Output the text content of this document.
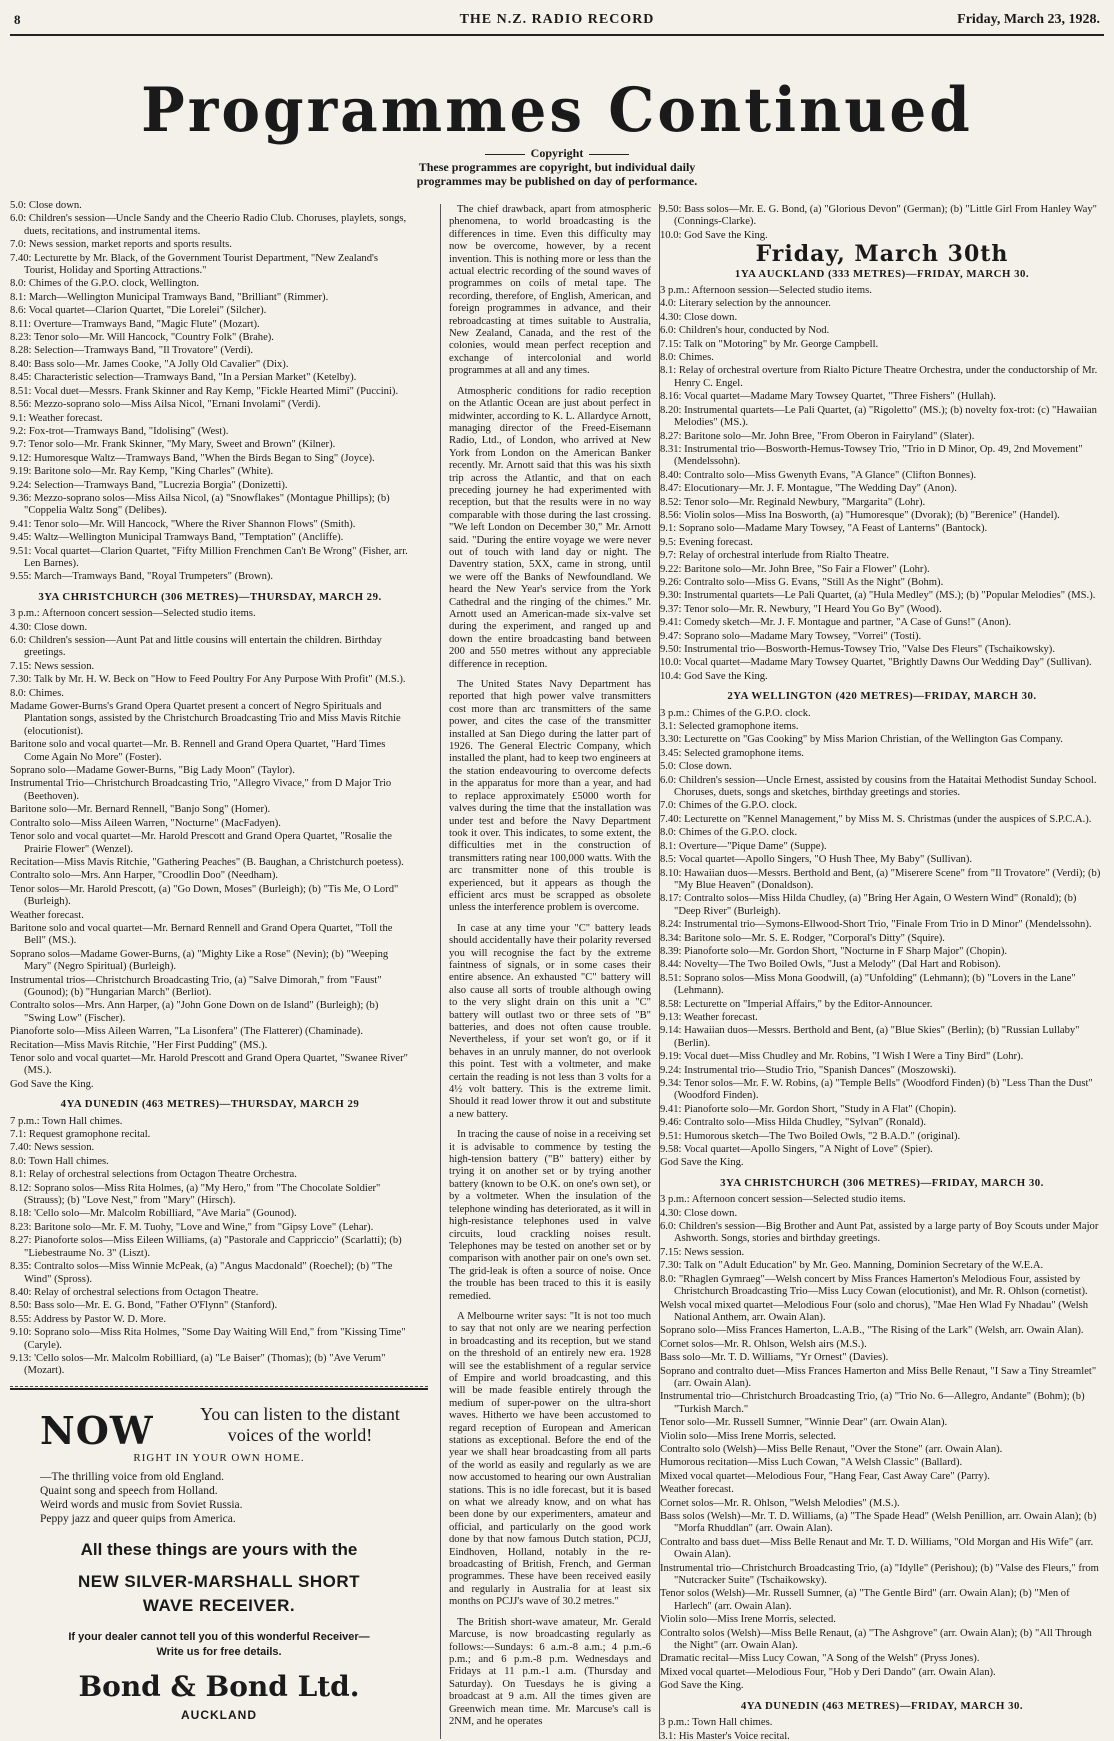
8	THE N.Z. RADIO RECORD	Friday, March 23, 1928.
Programmes Continued
Copyright
These programmes are copyright, but individual daily
programmes may be published on day of performance.
5.0: Close down.
6.0: Children's session—Uncle Sandy and the Cheerio Radio Club. Choruses, playlets, songs, duets, recitations, and instrumental items.
7.0: News session, market reports and sports results.
7.40: Lecturette by Mr. Black, of the Government Tourist Department, "New Zealand's Tourist, Holiday and Sporting Attractions."
8.0: Chimes of the G.P.O. clock, Wellington.
8.1: March—Wellington Municipal Tramways Band, "Brilliant" (Rimmer).
8.6: Vocal quartet—Clarion Quartet, "Die Lorelei" (Silcher).
8.11: Overture—Tramways Band, "Magic Flute" (Mozart).
8.23: Tenor solo—Mr. Will Hancock, "Country Folk" (Brahe).
8.28: Selection—Tramways Band, "Il Trovatore" (Verdi).
8.40: Bass solo—Mr. James Cooke, "A Jolly Old Cavalier" (Dix).
8.45: Characteristic selection—Tramways Band, "In a Persian Market" (Ketelby).
8.51: Vocal duet—Messrs. Frank Skinner and Ray Kemp, "Fickle Hearted Mimi" (Puccini).
8.56: Mezzo-soprano solo—Miss Ailsa Nicol, "Ernani Involami" (Verdi).
9.1: Weather forecast.
9.2: Fox-trot—Tramways Band, "Idolising" (West).
9.7: Tenor solo—Mr. Frank Skinner, "My Mary, Sweet and Brown" (Kilner).
9.12: Humoresque Waltz—Tramways Band, "When the Birds Began to Sing" (Joyce).
9.19: Baritone solo—Mr. Ray Kemp, "King Charles" (White).
9.24: Selection—Tramways Band, "Lucrezia Borgia" (Donizetti).
9.36: Mezzo-soprano solos—Miss Ailsa Nicol, (a) "Snowflakes" (Montague Phillips); (b) "Coppelia Waltz Song" (Delibes).
9.41: Tenor solo—Mr. Will Hancock, "Where the River Shannon Flows" (Smith).
9.45: Waltz—Wellington Municipal Tramways Band, "Temptation" (Ancliffe).
9.51: Vocal quartet—Clarion Quartet, "Fifty Million Frenchmen Can't Be Wrong" (Fisher, arr. Len Barnes).
9.55: March—Tramways Band, "Royal Trumpeters" (Brown).
3YA CHRISTCHURCH (306 METRES)—THURSDAY, MARCH 29.
3 p.m.: Afternoon concert session—Selected studio items.
4.30: Close down.
6.0: Children's session—Aunt Pat and little cousins will entertain the children. Birthday greetings.
7.15: News session.
7.30: Talk by Mr. H. W. Beck on "How to Feed Poultry For Any Purpose With Profit" (M.S.).
8.0: Chimes.
Madame Gower-Burns's Grand Opera Quartet present a concert of Negro Spirituals and Plantation songs, assisted by the Christchurch Broadcasting Trio and Miss Mavis Ritchie (elocutionist).
Baritone solo and vocal quartet—Mr. B. Rennell and Grand Opera Quartet, "Hard Times Come Again No More" (Foster).
Soprano solo—Madame Gower-Burns, "Big Lady Moon" (Taylor).
Instrumental Trio—Christchurch Broadcasting Trio, "Allegro Vivace," from D Major Trio (Beethoven).
Baritone solo—Mr. Bernard Rennell, "Banjo Song" (Homer).
Contralto solo—Miss Aileen Warren, "Nocturne" (MacFadyen).
Tenor solo and vocal quartet—Mr. Harold Prescott and Grand Opera Quartet, "Rosalie the Prairie Flower" (Wenzel).
Recitation—Miss Mavis Ritchie, "Gathering Peaches" (B. Baughan, a Christchurch poetess).
Contralto solo—Mrs. Ann Harper, "Croodlin Doo" (Needham).
Tenor solos—Mr. Harold Prescott, (a) "Go Down, Moses" (Burleigh); (b) "Tis Me, O Lord" (Burleigh).
Weather forecast.
Baritone solo and vocal quartet—Mr. Bernard Rennell and Grand Opera Quartet, "Toll the Bell" (MS.).
Soprano solos—Madame Gower-Burns, (a) "Mighty Like a Rose" (Nevin); (b) "Weeping Mary" (Negro Spiritual) (Burleigh).
Instrumental trios—Christchurch Broadcasting Trio, (a) "Salve Dimorah," from "Faust" (Gounod); (b) "Hungarian March" (Berliot).
Contralto solos—Mrs. Ann Harper, (a) "John Gone Down on de Island" (Burleigh); (b) "Swing Low" (Fischer).
Pianoforte solo—Miss Aileen Warren, "La Lisonfera" (The Flatterer) (Chaminade).
Recitation—Miss Mavis Ritchie, "Her First Pudding" (MS.).
Tenor solo and vocal quartet—Mr. Harold Prescott and Grand Opera Quartet, "Swanee River" (MS.).
God Save the King.
4YA DUNEDIN (463 METRES)—THURSDAY, MARCH 29
7 p.m.: Town Hall chimes.
7.1: Request gramophone recital.
7.40: News session.
8.0: Town Hall chimes.
8.1: Relay of orchestral selections from Octagon Theatre Orchestra.
8.12: Soprano solos—Miss Rita Holmes, (a) "My Hero," from "The Chocolate Soldier" (Strauss); (b) "Love Nest," from "Mary" (Hirsch).
8.18: 'Cello solo—Mr. Malcolm Robilliard, "Ave Maria" (Gounod).
8.23: Baritone solo—Mr. F. M. Tuohy, "Love and Wine," from "Gipsy Love" (Lehar).
8.27: Pianoforte solos—Miss Eileen Williams, (a) "Pastorale and Cappriccio" (Scarlatti); (b) "Liebestraume No. 3" (Liszt).
8.35: Contralto solos—Miss Winnie McPeak, (a) "Angus Macdonald" (Roechel); (b) "The Wind" (Spross).
8.40: Relay of orchestral selections from Octagon Theatre.
8.50: Bass solo—Mr. E. G. Bond, "Father O'Flynn" (Stanford).
8.55: Address by Pastor W. D. More.
9.10: Soprano solo—Miss Rita Holmes, "Some Day Waiting Will End," from "Kissing Time" (Caryle).
9.13: 'Cello solos—Mr. Malcolm Robilliard, (a) "Le Baiser" (Thomas); (b) "Ave Verum" (Mozart).
The chief drawback, apart from atmospheric phenomena, to world broadcasting is the differences in time. Even this difficulty may now be overcome, however, by a recent invention. This is nothing more or less than the actual electric recording of the sound waves of programmes on coils of metal tape. The recording, therefore, of English, American, and foreign programmes in advance, and their rebroadcasting at times suitable to Australia, New Zealand, Canada, and the rest of the colonies, would mean perfect reception and exchange of intercolonial and world programmes at all and any times.
Atmospheric conditions for radio reception on the Atlantic Ocean are just about perfect in midwinter, according to K. L. Allardyce Arnott, managing director of the Freed-Eisemann Radio, Ltd., of London, who arrived at New York from London on the American Banker recently. Mr. Arnott said that this was his sixth trip across the Atlantic, and that on each preceding journey he had experimented with reception, but that the results were in no way comparable with those during the last crossing. "We left London on December 30," Mr. Arnott said. "During the entire voyage we were never out of touch with land day or night. The Daventry station, 5XX, came in strong, until we were off the Banks of Newfoundland. We heard the New Year's service from the York Cathedral and the ringing of the chimes." Mr. Arnott used an American-made six-valve set during the experiment, and ranged up and down the entire broadcasting band between 200 and 550 metres without any appreciable difference in reception.
The United States Navy Department has reported that high power valve transmitters cost more than arc transmitters of the same power, and cites the case of the transmitter installed at San Diego during the latter part of 1926. The General Electric Company, which installed the plant, had to keep two engineers at the station endeavouring to overcome defects in the apparatus for more than a year, and had to replace approximately £5000 worth for valves during the time that the installation was under test and before the Navy Department took it over. This indicates, to some extent, the difficulties met in the construction of transmitters rating near 100,000 watts. With the arc transmitter none of this trouble is experienced, but it appears as though the efficient arcs must be scrapped as obsolete unless the interference problem is overcome.
In case at any time your "C" battery leads should accidentally have their polarity reversed you will recognise the fact by the extreme faintness of signals, or in some cases their entire absence. An exhausted "C" battery will also cause all sorts of trouble although owing to the very slight drain on this unit a "C" battery will outlast two or three sets of "B" batteries, and does not often cause trouble. Nevertheless, if your set won't go, or if it behaves in an unruly manner, do not overlook this point. Test with a voltmeter, and make certain the reading is not less than 3 volts for a 4½ volt battery. This is the extreme limit. Should it read lower throw it out and substitute a new battery.
In tracing the cause of noise in a receiving set it is advisable to commence by testing the high-tension battery ("B" battery) either by trying it on another set or by trying another battery (known to be O.K. on one's own set), or by a voltmeter. When the insulation of the telephone winding has deteriorated, as it will in high-resistance telephones used in valve circuits, loud crackling noises result. Telephones may be tested on another set or by comparison with another pair on one's own set. The grid-leak is often a source of noise. Once the trouble has been traced to this it is easily remedied.
A Melbourne writer says: "It is not too much to say that not only are we nearing perfection in broadcasting and its reception, but we stand on the threshold of an entirely new era. 1928 will see the establishment of a regular service of Empire and world broadcasting, and this will be made feasible entirely through the medium of super-power on the ultra-short waves. Hitherto we have been accustomed to regard reception of European and American stations as exceptional. Before the end of the year we shall hear broadcasting from all parts of the world as easily and regularly as we are now accustomed to hearing our own Australian stations. This is no idle forecast, but it is based on what we already know, and on what has been done by our experimenters, amateur and official, and particularly on the good work done by that now famous Dutch station, PCJJ, Eindhoven, Holland, notably in the re-broadcasting of British, French, and German programmes. These have been received easily and regularly in Australia for at least six months on PCJJ's wave of 30.2 metres."
The British short-wave amateur, Mr. Gerald Marcuse, is now broadcasting regularly as follows:—Sundays: 6 a.m.-8 a.m.; 4 p.m.-6 p.m.; and 6 p.m.-8 p.m. Wednesdays and Fridays at 11 p.m.-1 a.m. (Thursday and Saturday). On Tuesdays he is giving a broadcast at 9 a.m. All the times given are Greenwich mean time. Mr. Marcuse's call is 2NM, and he operates
9.50: Bass solos—Mr. E. G. Bond, (a) "Glorious Devon" (German); (b) "Little Girl From Hanley Way" (Connings-Clarke).
10.0: God Save the King.
Friday, March 30th
1YA AUCKLAND (333 METRES)—FRIDAY, MARCH 30.
3 p.m.: Afternoon session—Selected studio items.
4.0: Literary selection by the announcer.
4.30: Close down.
6.0: Children's hour, conducted by Nod.
7.15: Talk on "Motoring" by Mr. George Campbell.
8.0: Chimes.
8.1: Relay of orchestral overture from Rialto Picture Theatre Orchestra, under the conductorship of Mr. Henry C. Engel.
8.16: Vocal quartet—Madame Mary Towsey Quartet, "Three Fishers" (Hullah).
8.20: Instrumental quartets—Le Pali Quartet, (a) "Rigoletto" (MS.); (b) novelty fox-trot: (c) "Hawaiian Melodies" (MS.).
8.27: Baritone solo—Mr. John Bree, "From Oberon in Fairyland" (Slater).
8.31: Instrumental trio—Bosworth-Hemus-Towsey Trio, "Trio in D Minor, Op. 49, 2nd Movement" (Mendelssohn).
8.40: Contralto solo—Miss Gwenyth Evans, "A Glance" (Clifton Bonnes).
8.47: Elocutionary—Mr. J. F. Montague, "The Wedding Day" (Anon).
8.52: Tenor solo—Mr. Reginald Newbury, "Margarita" (Lohr).
8.56: Violin solos—Miss Ina Bosworth, (a) "Humoresque" (Dvorak); (b) "Berenice" (Handel).
9.1: Soprano solo—Madame Mary Towsey, "A Feast of Lanterns" (Bantock).
9.5: Evening forecast.
9.7: Relay of orchestral interlude from Rialto Theatre.
9.22: Baritone solo—Mr. John Bree, "So Fair a Flower" (Lohr).
9.26: Contralto solo—Miss G. Evans, "Still As the Night" (Bohm).
9.30: Instrumental quartets—Le Pali Quartet, (a) "Hula Medley" (MS.); (b) "Popular Melodies" (MS.).
9.37: Tenor solo—Mr. R. Newbury, "I Heard You Go By" (Wood).
9.41: Comedy sketch—Mr. J. F. Montague and partner, "A Case of Guns!" (Anon).
9.47: Soprano solo—Madame Mary Towsey, "Vorrei" (Tosti).
9.50: Instrumental trio—Bosworth-Hemus-Towsey Trio, "Valse Des Fleurs" (Tschaikowsky).
10.0: Vocal quartet—Madame Mary Towsey Quartet, "Brightly Dawns Our Wedding Day" (Sullivan).
10.4: God Save the King.
2YA WELLINGTON (420 METRES)—FRIDAY, MARCH 30.
3 p.m.: Chimes of the G.P.O. clock.
3.1: Selected gramophone items.
3.30: Lecturette on "Gas Cooking" by Miss Marion Christian, of the Wellington Gas Company.
3.45: Selected gramophone items.
5.0: Close down.
6.0: Children's session—Uncle Ernest, assisted by cousins from the Hataitai Methodist Sunday School. Choruses, duets, songs and sketches, birthday greetings and stories.
7.0: Chimes of the G.P.O. clock.
7.40: Lecturette on "Kennel Management," by Miss M. S. Christmas (under the auspices of S.P.C.A.).
8.0: Chimes of the G.P.O. clock.
8.1: Overture—"Pique Dame" (Suppe).
8.5: Vocal quartet—Apollo Singers, "O Hush Thee, My Baby" (Sullivan).
8.10: Hawaiian duos—Messrs. Berthold and Bent, (a) "Miserere Scene" from "Il Trovatore" (Verdi); (b) "My Blue Heaven" (Donaldson).
8.17: Contralto solos—Miss Hilda Chudley, (a) "Bring Her Again, O Western Wind" (Ronald); (b) "Deep River" (Burleigh).
8.24: Instrumental trio—Symons-Ellwood-Short Trio, "Finale From Trio in D Minor" (Mendelssohn).
8.34: Baritone solo—Mr. S. E. Rodger, "Corporal's Ditty" (Squire).
8.39: Pianoforte solo—Mr. Gordon Short, "Nocturne in F Sharp Major" (Chopin).
8.44: Novelty—The Two Boiled Owls, "Just a Melody" (Dal Hart and Robison).
8.51: Soprano solos—Miss Mona Goodwill, (a) "Unfolding" (Lehmann); (b) "Lovers in the Lane" (Lehmann).
8.58: Lecturette on "Imperial Affairs," by the Editor-Announcer.
9.13: Weather forecast.
9.14: Hawaiian duos—Messrs. Berthold and Bent, (a) "Blue Skies" (Berlin); (b) "Russian Lullaby" (Berlin).
9.19: Vocal duet—Miss Chudley and Mr. Robins, "I Wish I Were a Tiny Bird" (Lohr).
9.24: Instrumental trio—Studio Trio, "Spanish Dances" (Moszowski).
9.34: Tenor solos—Mr. F. W. Robins, (a) "Temple Bells" (Woodford Finden) (b) "Less Than the Dust" (Woodford Finden).
9.41: Pianoforte solo—Mr. Gordon Short, "Study in A Flat" (Chopin).
9.46: Contralto solo—Miss Hilda Chudley, "Sylvan" (Ronald).
9.51: Humorous sketch—The Two Boiled Owls, "2 B.A.D." (original).
9.58: Vocal quartet—Apollo Singers, "A Night of Love" (Spier).
God Save the King.
3YA CHRISTCHURCH (306 METRES)—FRIDAY, MARCH 30.
3 p.m.: Afternoon concert session—Selected studio items.
4.30: Close down.
6.0: Children's session—Big Brother and Aunt Pat, assisted by a large party of Boy Scouts under Major Ashworth. Songs, stories and birthday greetings.
7.15: News session.
7.30: Talk on "Adult Education" by Mr. Geo. Manning, Dominion Secretary of the W.E.A.
8.0: "Rhaglen Gymraeg"—Welsh concert by Miss Frances Hamerton's Melodious Four, assisted by Christchurch Broadcasting Trio—Miss Lucy Cowan (elocutionist), and Mr. R. Ohlson (cornetist).
Welsh vocal mixed quartet—Melodious Four (solo and chorus), "Mae Hen Wlad Fy Nhadau" (Welsh National Anthem, arr. Owain Alan).
Soprano solo—Miss Frances Hamerton, L.A.B., "The Rising of the Lark" (Welsh, arr. Owain Alan).
Cornet solos—Mr. R. Ohlson, Welsh airs (M.S.).
Bass solo—Mr. T. D. Williams, "Yr Ornest" (Davies).
Soprano and contralto duet—Miss Frances Hamerton and Miss Belle Renaut, "I Saw a Tiny Streamlet" (arr. Owain Alan).
Instrumental trio—Christchurch Broadcasting Trio, (a) "Trio No. 6—Allegro, Andante" (Bohm); (b) "Turkish March."
Tenor solo—Mr. Russell Sumner, "Winnie Dear" (arr. Owain Alan).
Violin solo—Miss Irene Morris, selected.
Contralto solo (Welsh)—Miss Belle Renaut, "Over the Stone" (arr. Owain Alan).
Humorous recitation—Miss Luch Cowan, "A Welsh Classic" (Ballard).
Mixed vocal quartet—Melodious Four, "Hang Fear, Cast Away Care" (Parry).
Weather forecast.
Cornet solos—Mr. R. Ohlson, "Welsh Melodies" (M.S.).
Bass solos (Welsh)—Mr. T. D. Williams, (a) "The Spade Head" (Welsh Penillion, arr. Owain Alan); (b) "Morfa Rhuddlan" (arr. Owain Alan).
Contralto and bass duet—Miss Belle Renaut and Mr. T. D. Williams, "Old Morgan and His Wife" (arr. Owain Alan).
Instrumental trio—Christchurch Broadcasting Trio, (a) "Idylle" (Perishou); (b) "Valse des Fleurs," from "Nutcracker Suite" (Tschaikowsky).
Tenor solos (Welsh)—Mr. Russell Sumner, (a) "The Gentle Bird" (arr. Owain Alan); (b) "Men of Harlech" (arr. Owain Alan).
Violin solo—Miss Irene Morris, selected.
Contralto solos (Welsh)—Miss Belle Renaut, (a) "The Ashgrove" (arr. Owain Alan); (b) "All Through the Night" (arr. Owain Alan).
Dramatic recital—Miss Lucy Cowan, "A Song of the Welsh" (Pryss Jones).
Mixed vocal quartet—Melodious Four, "Hob y Deri Dando" (arr. Owain Alan).
God Save the King.
4YA DUNEDIN (463 METRES)—FRIDAY, MARCH 30.
3 p.m.: Town Hall chimes.
3.1: His Master's Voice recital.
NOW	You can listen to the distant
voices of the world!
RIGHT IN YOUR OWN HOME.
—The thrilling voice from old England.
Quaint song and speech from Holland.
Weird words and music from Soviet Russia.
Peppy jazz and queer quips from America.
All these things are yours with the
NEW SILVER-MARSHALL SHORT
WAVE RECEIVER.
If your dealer cannot tell you of this wonderful Receiver—
Write us for free details.
Bond & Bond Ltd.
AUCKLAND
